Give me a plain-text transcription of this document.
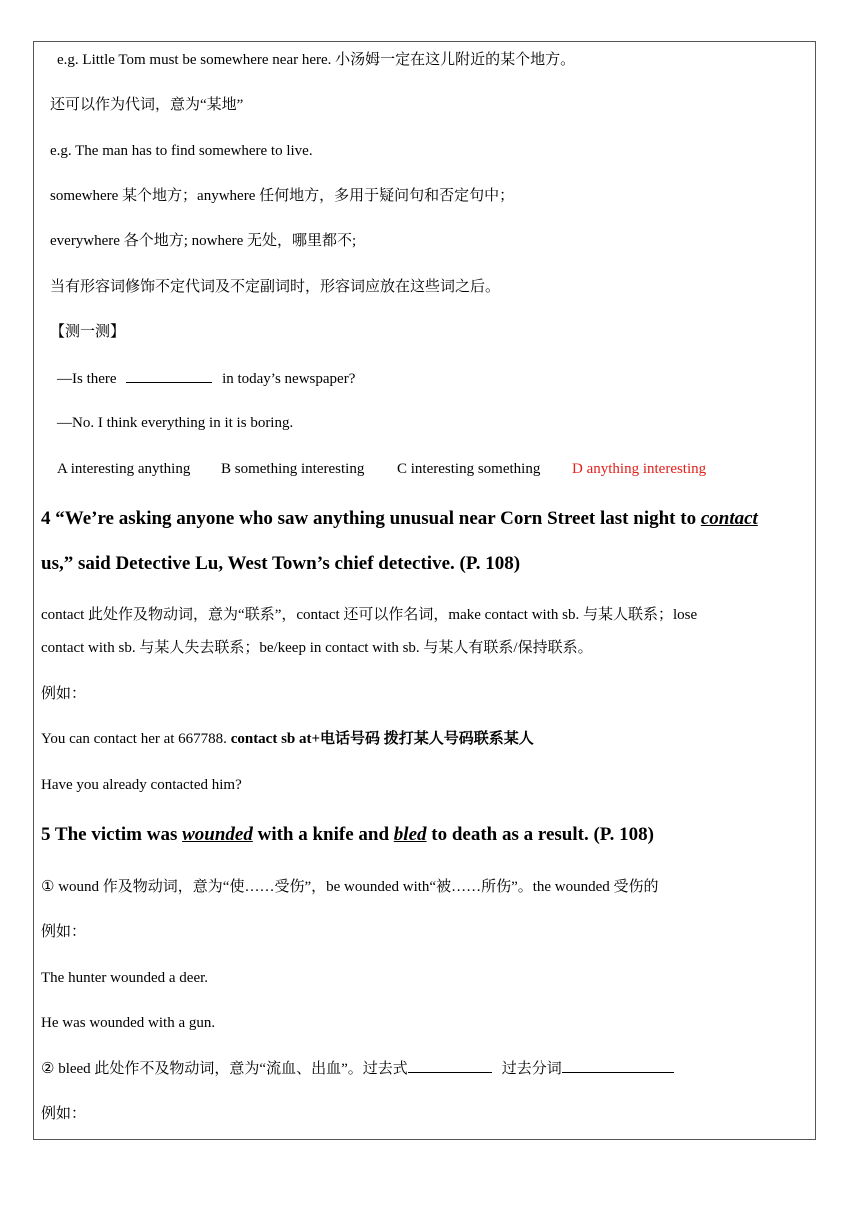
e.g. Little Tom must be somewhere near here. 小汤姆一定在这儿附近的某个地方。
还可以作为代词，意为“某地”
e.g. The man has to find somewhere to live.
somewhere 某个地方；anywhere 任何地方，多用于疑问句和否定句中；
everywhere 各个地方; nowhere 无处，哪里都不;
当有形容词修饰不定代词及不定副词时，形容词应放在这些词之后。
【测一测】
—Is there	in today’s newspaper?
—No. I think everything in it is boring.
A interesting anything B something interesting C interesting something D anything interesting
4 “We’re asking anyone who saw anything unusual near Corn Street last night to contact
us,” said Detective Lu, West Town’s chief detective. (P. 108)
contact 此处作及物动词，意为“联系”，contact 还可以作名词，make contact with sb. 与某人联系；lose
contact with sb. 与某人失去联系；be/keep in contact with sb. 与某人有联系/保持联系。
例如：
You can contact her at 667788. contact sb at+电话号码 拨打某人号码联系某人
Have you already contacted him?
5 The victim was wounded with a knife and bled to death as a result. (P. 108)
① wound 作及物动词，意为“使……受伤”，be wounded with“被……所伤”。the wounded 受伤的
例如：
The hunter wounded a deer.
He was wounded with a gun.
② bleed 此处作不及物动词，意为“流血、出血”。过去式	过去分词
例如：
